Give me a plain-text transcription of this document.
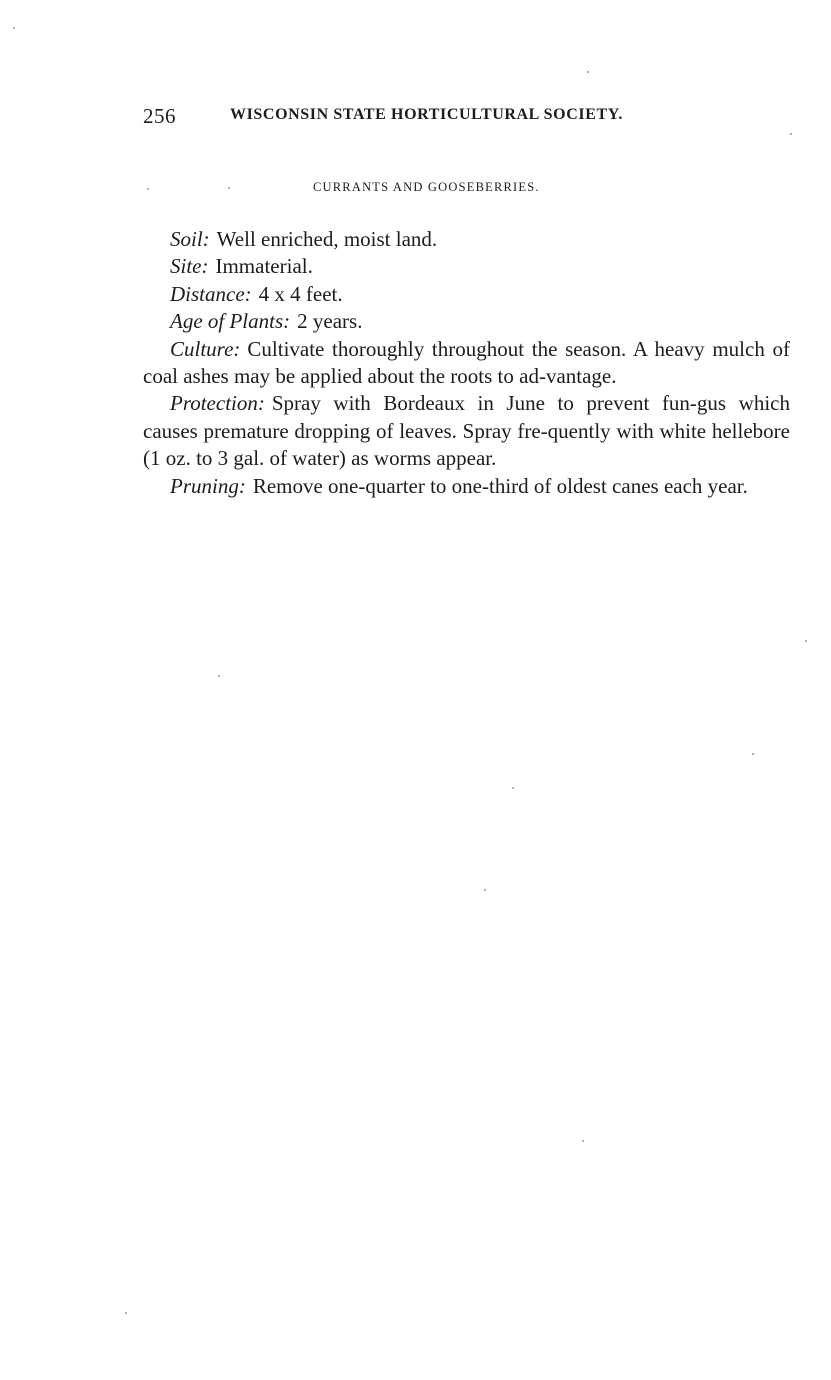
256	WISCONSIN STATE HORTICULTURAL SOCIETY.
CURRANTS AND GOOSEBERRIES.

Soil: Well enriched, moist land.

Site: Immaterial.

Distance: 4 x 4 feet.

Age of Plants: 2 years.

Culture: Cultivate thoroughly throughout the season. A heavy mulch of coal ashes may be applied about the roots to ad-vantage.

Protection: Spray with Bordeaux in June to prevent fun-gus which causes premature dropping of leaves. Spray fre-quently with white hellebore (1 oz. to 3 gal. of water) as worms appear.

Pruning: Remove one-quarter to one-third of oldest canes each year.
